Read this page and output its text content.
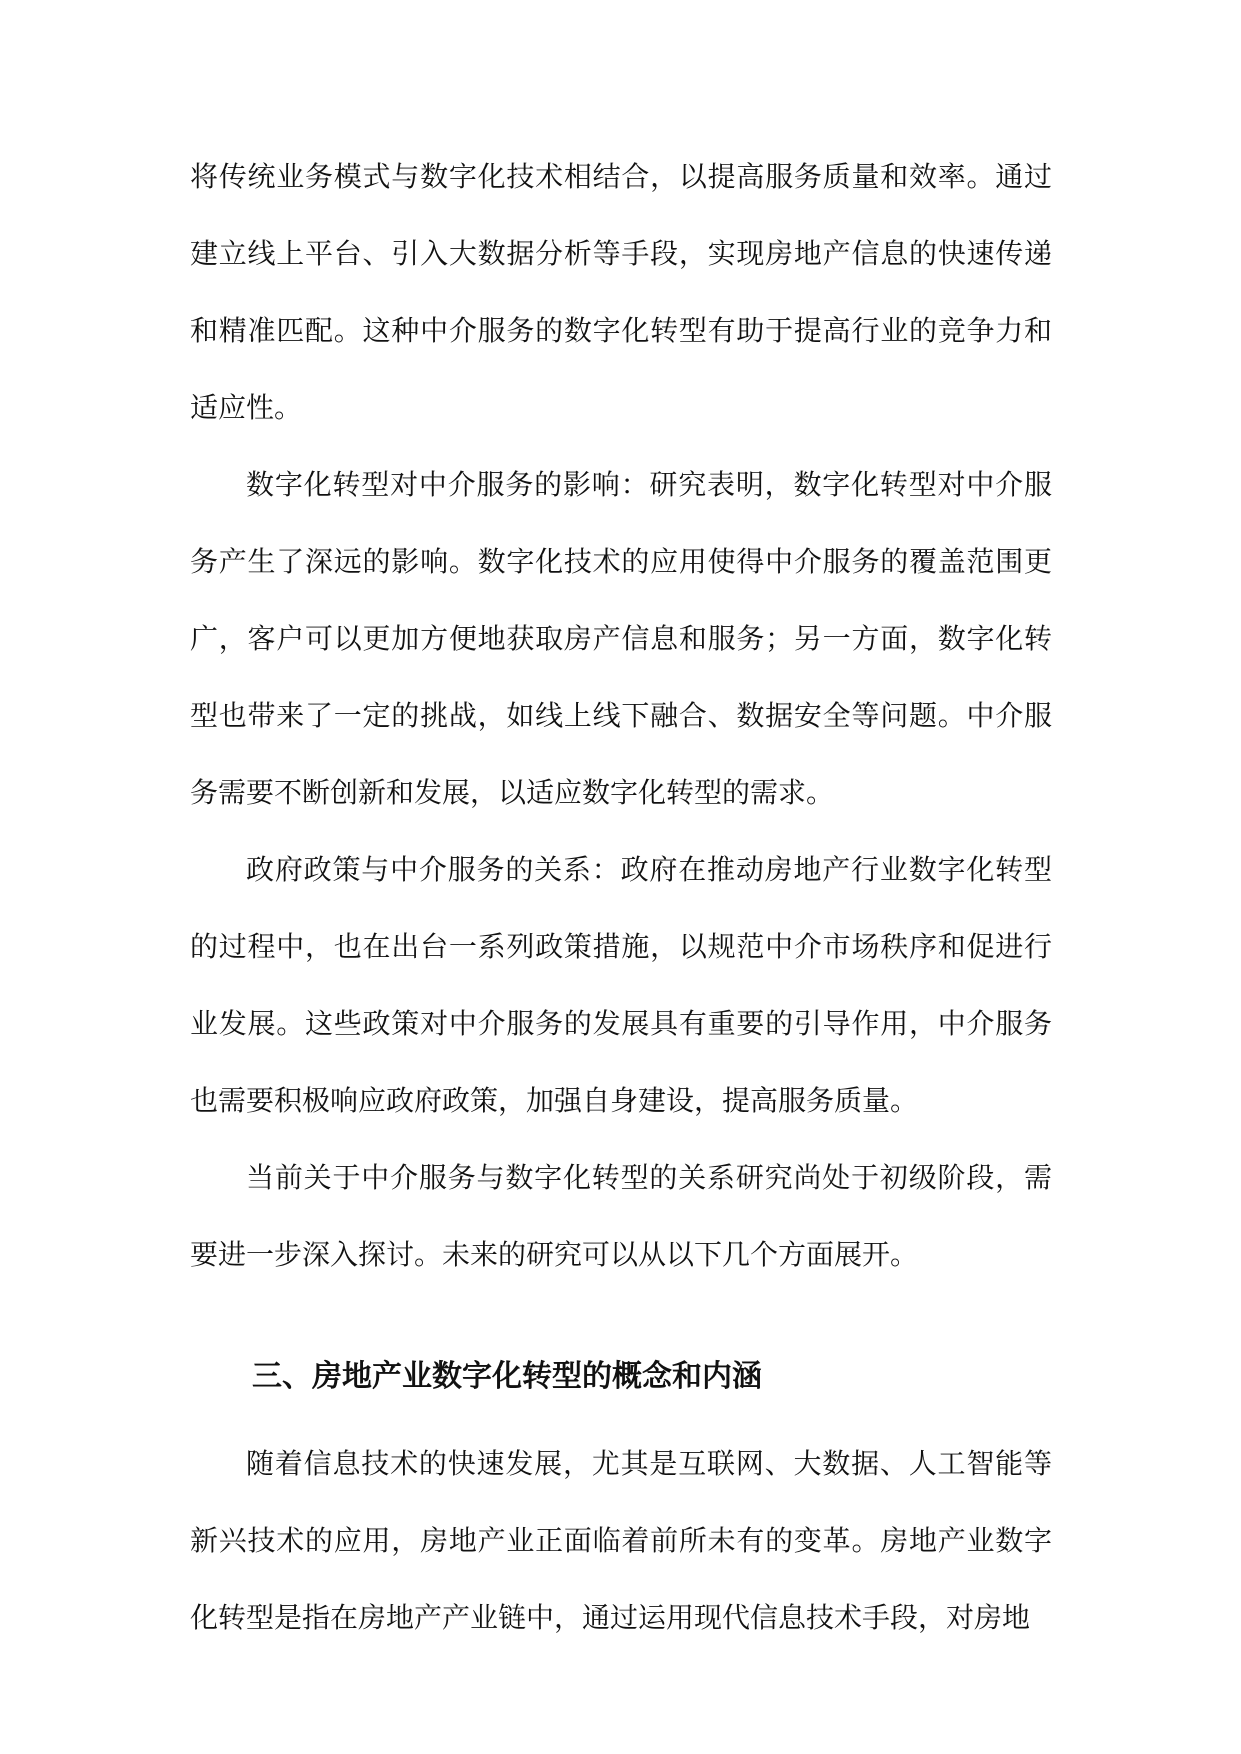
将传统业务模式与数字化技术相结合，以提高服务质量和效率。通过建立线上平台、引入大数据分析等手段，实现房地产信息的快速传递和精准匹配。这种中介服务的数字化转型有助于提高行业的竞争力和适应性。

数字化转型对中介服务的影响：研究表明，数字化转型对中介服务产生了深远的影响。数字化技术的应用使得中介服务的覆盖范围更广，客户可以更加方便地获取房产信息和服务；另一方面，数字化转型也带来了一定的挑战，如线上线下融合、数据安全等问题。中介服务需要不断创新和发展，以适应数字化转型的需求。

政府政策与中介服务的关系：政府在推动房地产行业数字化转型的过程中，也在出台一系列政策措施，以规范中介市场秩序和促进行业发展。这些政策对中介服务的发展具有重要的引导作用，中介服务也需要积极响应政府政策，加强自身建设，提高服务质量。

当前关于中介服务与数字化转型的关系研究尚处于初级阶段，需要进一步深入探讨。未来的研究可以从以下几个方面展开。

三、房地产业数字化转型的概念和内涵

随着信息技术的快速发展，尤其是互联网、大数据、人工智能等新兴技术的应用，房地产业正面临着前所未有的变革。房地产业数字化转型是指在房地产产业链中，通过运用现代信息技术手段，对房地
